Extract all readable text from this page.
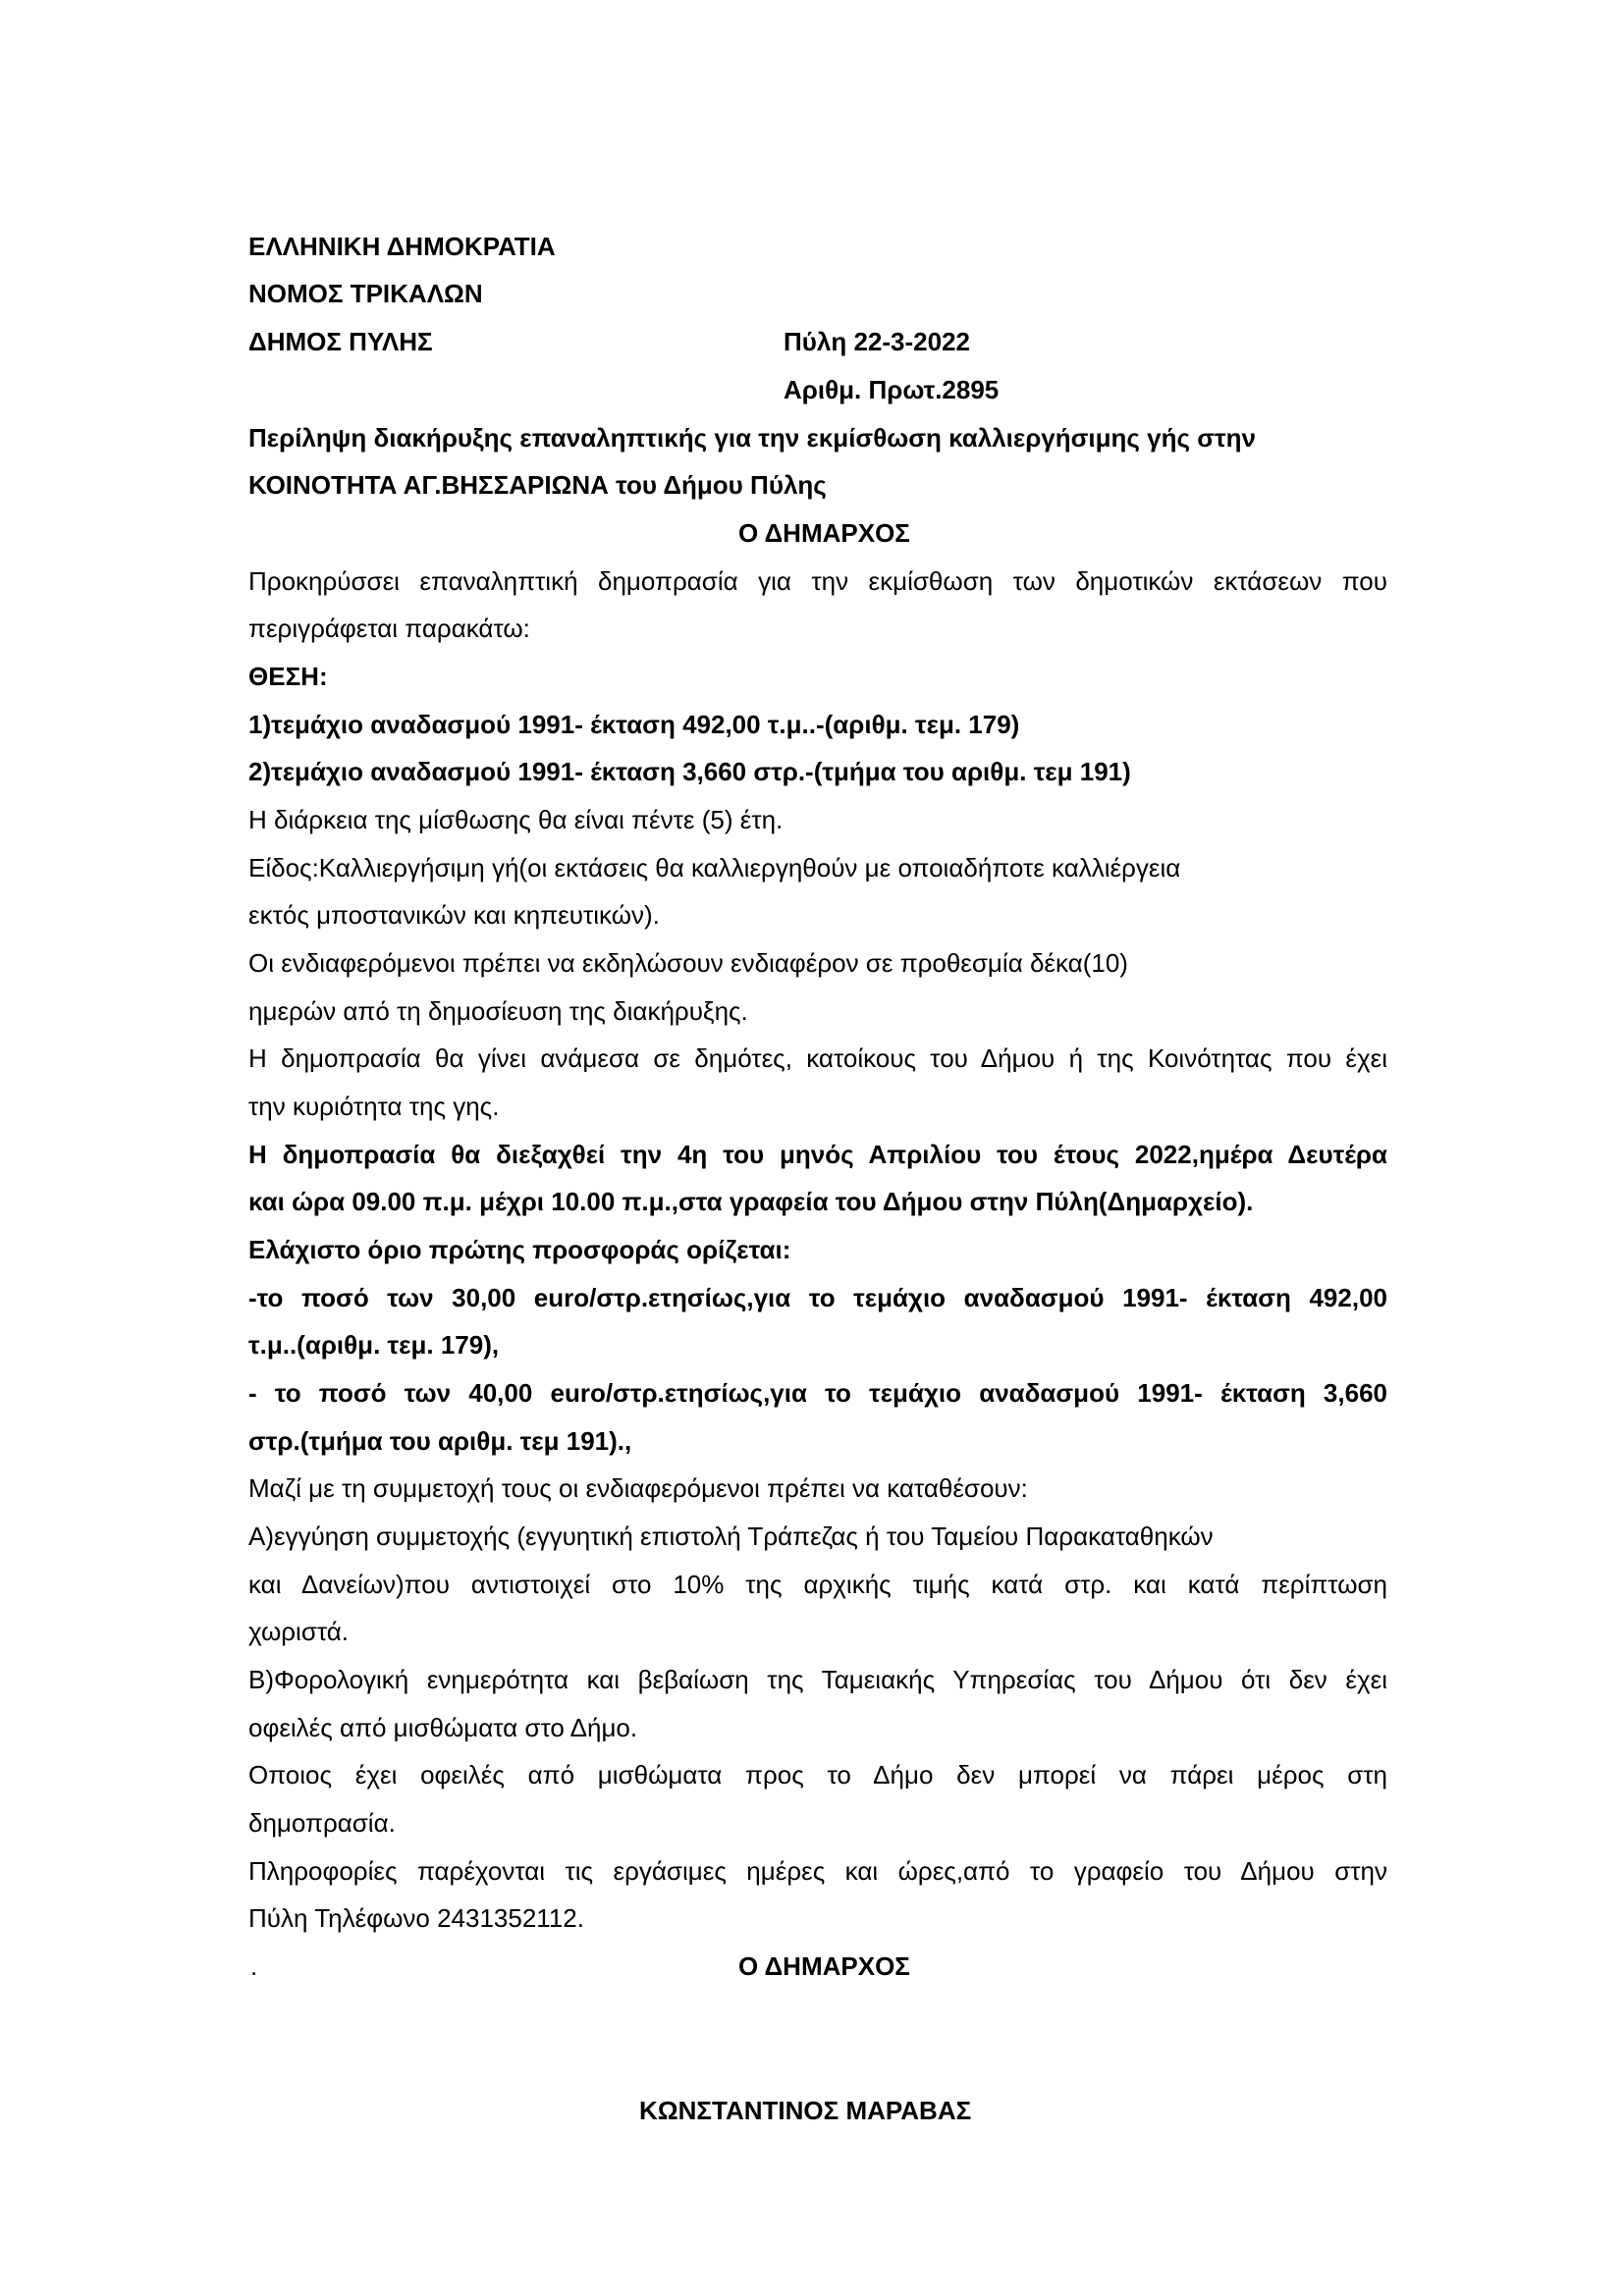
ΕΛΛΗΝΙΚΗ ΔΗΜΟΚΡΑΤΙΑ
ΝΟΜΟΣ ΤΡΙΚΑΛΩΝ
ΔΗΜΟΣ ΠΥΛΗΣ	Πύλη 22-3-2022
Αριθμ. Πρωτ.2895
Περίληψη διακήρυξης επαναληπτικής για την εκμίσθωση καλλιεργήσιμης γής στην
ΚΟΙΝΟΤΗΤΑ ΑΓ.ΒΗΣΣΑΡΙΩΝΑ του Δήμου Πύλης
Ο ΔΗΜΑΡΧΟΣ
Προκηρύσσει επαναληπτική δημοπρασία για την εκμίσθωση των δημοτικών εκτάσεων που
περιγράφεται παρακάτω:
ΘΕΣΗ:
1)τεμάχιο αναδασμού 1991- έκταση 492,00 τ.μ..-(αριθμ. τεμ. 179)
2)τεμάχιο αναδασμού 1991- έκταση 3,660 στρ.-(τμήμα του αριθμ. τεμ 191)
Η διάρκεια της μίσθωσης θα είναι πέντε (5) έτη.
Είδος:Καλλιεργήσιμη γή(οι εκτάσεις θα καλλιεργηθούν με οποιαδήποτε καλλιέργεια
εκτός μποστανικών και κηπευτικών).
Οι ενδιαφερόμενοι πρέπει να εκδηλώσουν ενδιαφέρον σε προθεσμία δέκα(10)
ημερών από τη δημοσίευση της διακήρυξης.
Η δημοπρασία θα γίνει ανάμεσα σε δημότες, κατοίκους του Δήμου ή της Κοινότητας που έχει
την κυριότητα της γης.
Η δημοπρασία θα διεξαχθεί την 4η του μηνός Απριλίου του έτους 2022,ημέρα Δευτέρα
και ώρα 09.00 π.μ. μέχρι 10.00 π.μ.,στα γραφεία του Δήμου στην Πύλη(Δημαρχείο).
Ελάχιστο όριο πρώτης προσφοράς ορίζεται:
-το ποσό των 30,00 euro/στρ.ετησίως,για το τεμάχιο αναδασμού 1991- έκταση 492,00
τ.μ..(αριθμ. τεμ. 179),
- το ποσό των 40,00 euro/στρ.ετησίως,για το τεμάχιο αναδασμού 1991- έκταση 3,660
στρ.(τμήμα του αριθμ. τεμ 191).,
Μαζί με τη συμμετοχή τους οι ενδιαφερόμενοι πρέπει να καταθέσουν:
Α)εγγύηση συμμετοχής (εγγυητική επιστολή Τράπεζας ή του Ταμείου Παρακαταθηκών
και Δανείων)που αντιστοιχεί στο 10% της αρχικής τιμής κατά στρ. και κατά περίπτωση
χωριστά.
Β)Φορολογική ενημερότητα και βεβαίωση της Ταμειακής Υπηρεσίας του Δήμου ότι δεν έχει
οφειλές από μισθώματα στο Δήμο.
Οποιος έχει οφειλές από μισθώματα προς το Δήμο δεν μπορεί να πάρει μέρος στη
δημοπρασία.
Πληροφορίες παρέχονται τις εργάσιμες ημέρες και ώρες,από το γραφείο του Δήμου στην
Πύλη Τηλέφωνο 2431352112.
.	Ο ΔΗΜΑΡΧΟΣ
ΚΩΝΣΤΑΝΤΙΝΟΣ ΜΑΡΑΒΑΣ
